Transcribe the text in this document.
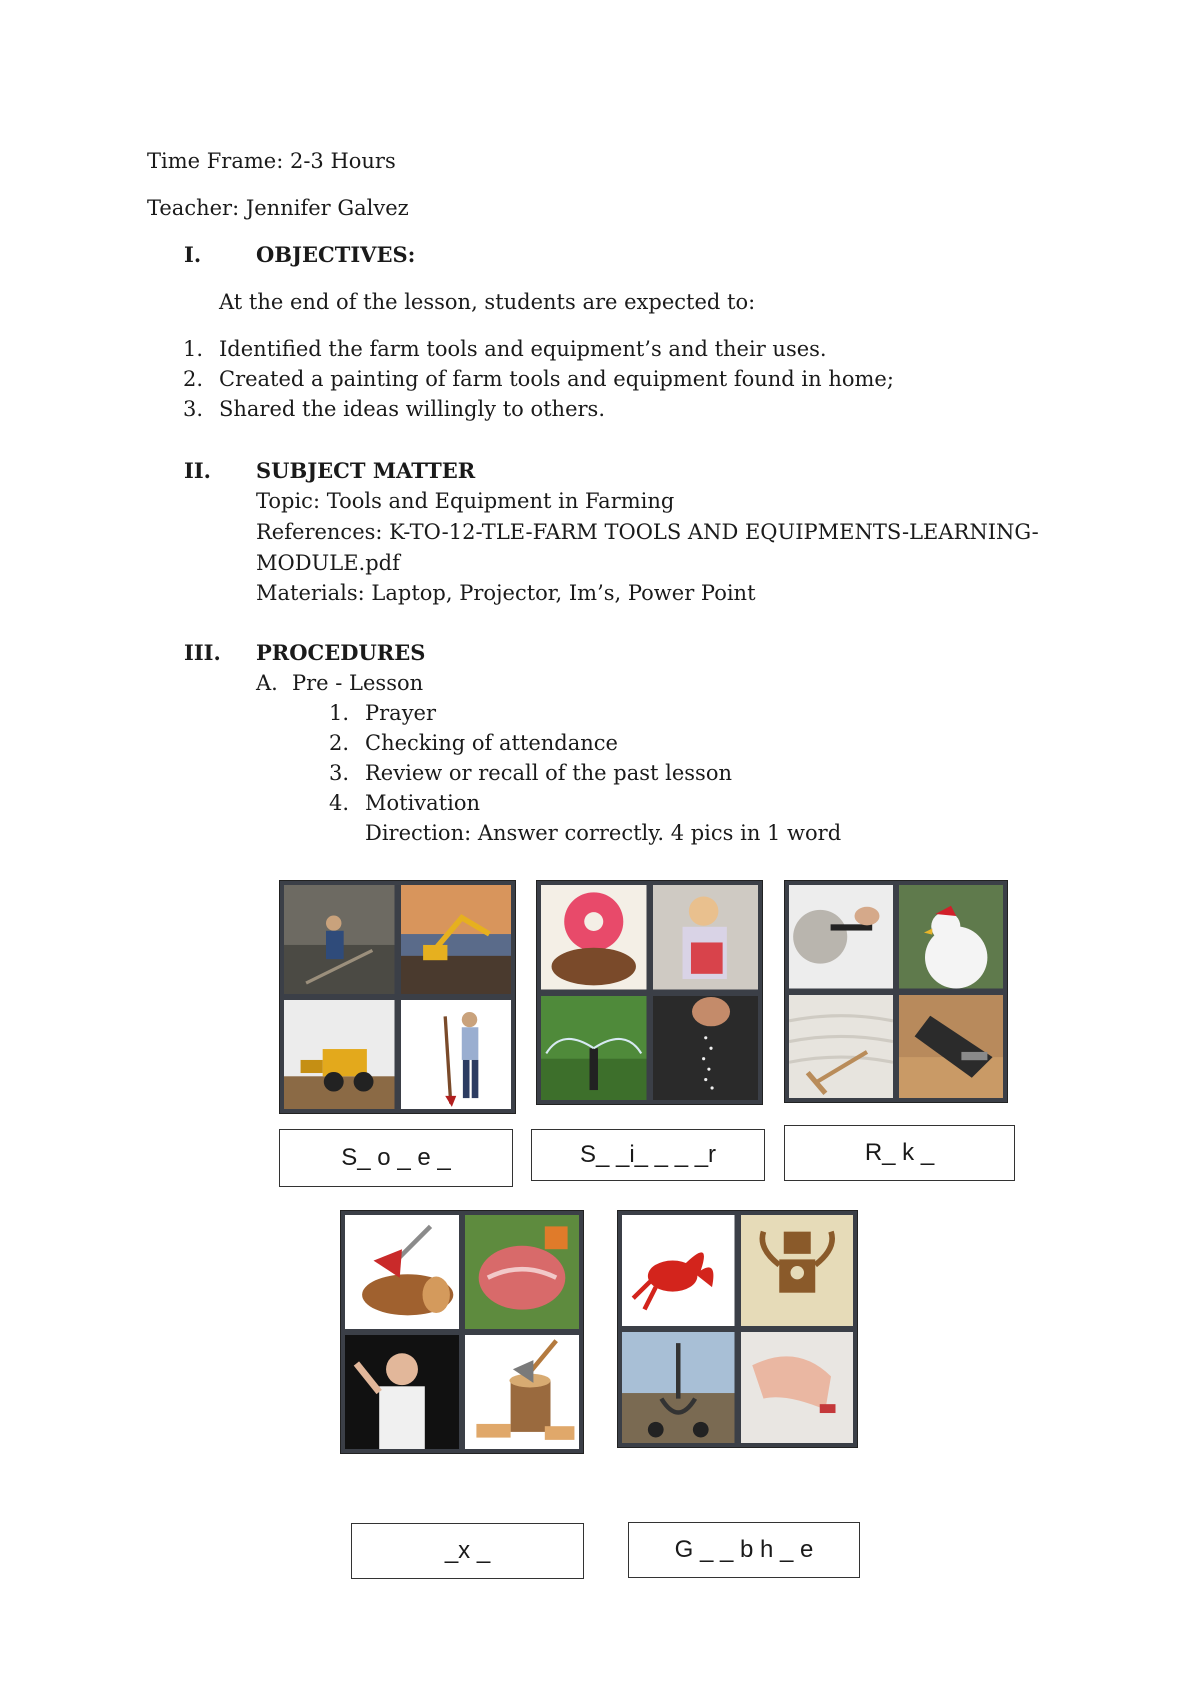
Time Frame: 2-3 Hours
Teacher: Jennifer Galvez
I.	OBJECTIVES:
At the end of the lesson, students are expected to:
1. Identified the farm tools and equipment’s and their uses.
2. Created a painting of farm tools and equipment found in home;
3. Shared the ideas willingly to others.
II. SUBJECT MATTER
Topic: Tools and Equipment in Farming
References: K-TO-12-TLE-FARM TOOLS AND EQUIPMENTS-LEARNING-
MODULE.pdf
Materials: Laptop, Projector, Im’s, Power Point
III. PROCEDURES
A. Pre - Lesson
1. Prayer
2. Checking of attendance
3. Review or recall of the past lesson
4. Motivation
Direction: Answer correctly. 4 pics in 1 word
S_ o _ e _	S_ _i_ _ _ _r	R_ k _
_x _	G _ _ b h _ e
